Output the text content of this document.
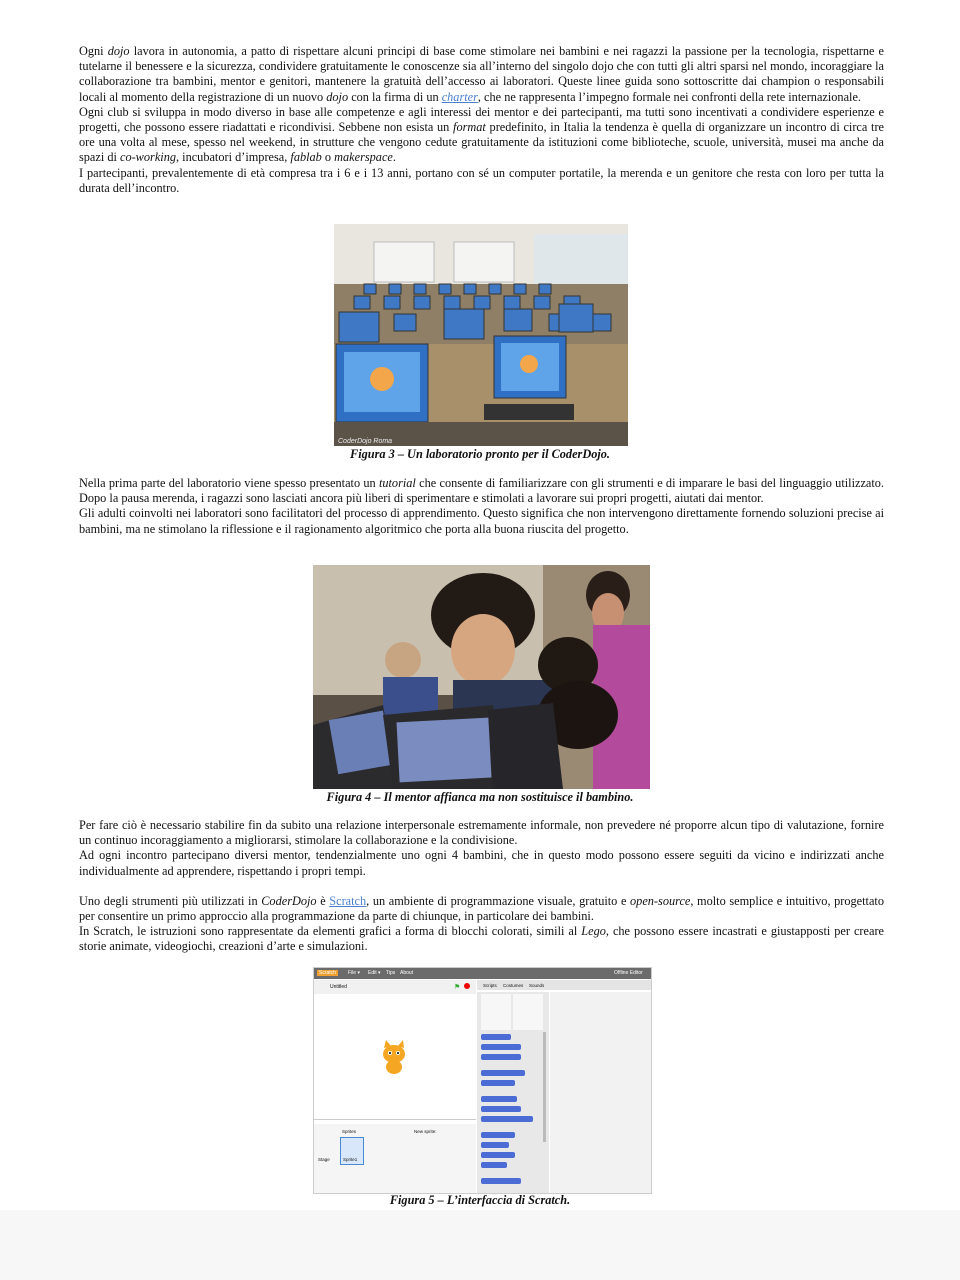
Ogni dojo lavora in autonomia, a patto di rispettare alcuni principi di base come stimolare nei bambini e nei ragazzi la passione per la tecnologia, rispettarne e tutelarne il benessere e la sicurezza, condividere gratuitamente le conoscenze sia all’interno del singolo dojo che con tutti gli altri sparsi nel mondo, incoraggiare la collaborazione tra bambini, mentor e genitori, mantenere la gratuità dell’accesso ai laboratori. Queste linee guida sono sottoscritte dai champion o responsabili locali al momento della registrazione di un nuovo dojo con la firma di un charter, che ne rappresenta l’impegno formale nei confronti della rete internazionale.

Ogni club si sviluppa in modo diverso in base alle competenze e agli interessi dei mentor e dei partecipanti, ma tutti sono incentivati a condividere esperienze e progetti, che possono essere riadattati e ricondivisi. Sebbene non esista un format predefinito, in Italia la tendenza è quella di organizzare un incontro di circa tre ore una volta al mese, spesso nel weekend, in strutture che vengono cedute gratuitamente da istituzioni come biblioteche, scuole, università, musei ma anche da spazi di co-working, incubatori d’impresa, fablab o makerspace.

I partecipanti, prevalentemente di età compresa tra i 6 e i 13 anni, portano con sé un computer portatile, la merenda e un genitore che resta con loro per tutta la durata dell’incontro.

CoderDojo Roma
Figura 3 – Un laboratorio pronto per il CoderDojo.

Nella prima parte del laboratorio viene spesso presentato un tutorial che consente di familiarizzare con gli strumenti e di imparare le basi del linguaggio utilizzato. Dopo la pausa merenda, i ragazzi sono lasciati ancora più liberi di sperimentare e stimolati a lavorare sui propri progetti, aiutati dai mentor.

Gli adulti coinvolti nei laboratori sono facilitatori del processo di apprendimento. Questo significa che non intervengono direttamente fornendo soluzioni precise ai bambini, ma ne stimolano la riflessione e il ragionamento algoritmico che porta alla buona riuscita del progetto.

Figura 4 – Il mentor affianca ma non sostituisce il bambino.

Per fare ciò è necessario stabilire fin da subito una relazione interpersonale estremamente informale, non prevedere né proporre alcun tipo di valutazione, fornire un continuo incoraggiamento a migliorarsi, stimolare la collaborazione e la condivisione.

Ad ogni incontro partecipano diversi mentor, tendenzialmente uno ogni 4 bambini, che in questo modo possono essere seguiti da vicino e indirizzati anche individualmente ad apprendere, rispettando i propri tempi.

Uno degli strumenti più utilizzati in CoderDojo è Scratch, un ambiente di programmazione visuale, gratuito e open-source, molto semplice e intuitivo, progettato per consentire un primo approccio alla programmazione da parte di chiunque, in particolare dei bambini.

In Scratch, le istruzioni sono rappresentate da elementi grafici a forma di blocchi colorati, simili al Lego, che possono essere incastrati e giustapposti per creare storie animate, videogiochi, creazioni d’arte e simulazioni.

Scratch	File ▾ Edit ▾ Tips About	Offline Editor
Untitled	⚑
Sprites	New sprite:
Stage	Sprite1
Scripts Costumes Sounds
Figura 5 – L’interfaccia di Scratch.
